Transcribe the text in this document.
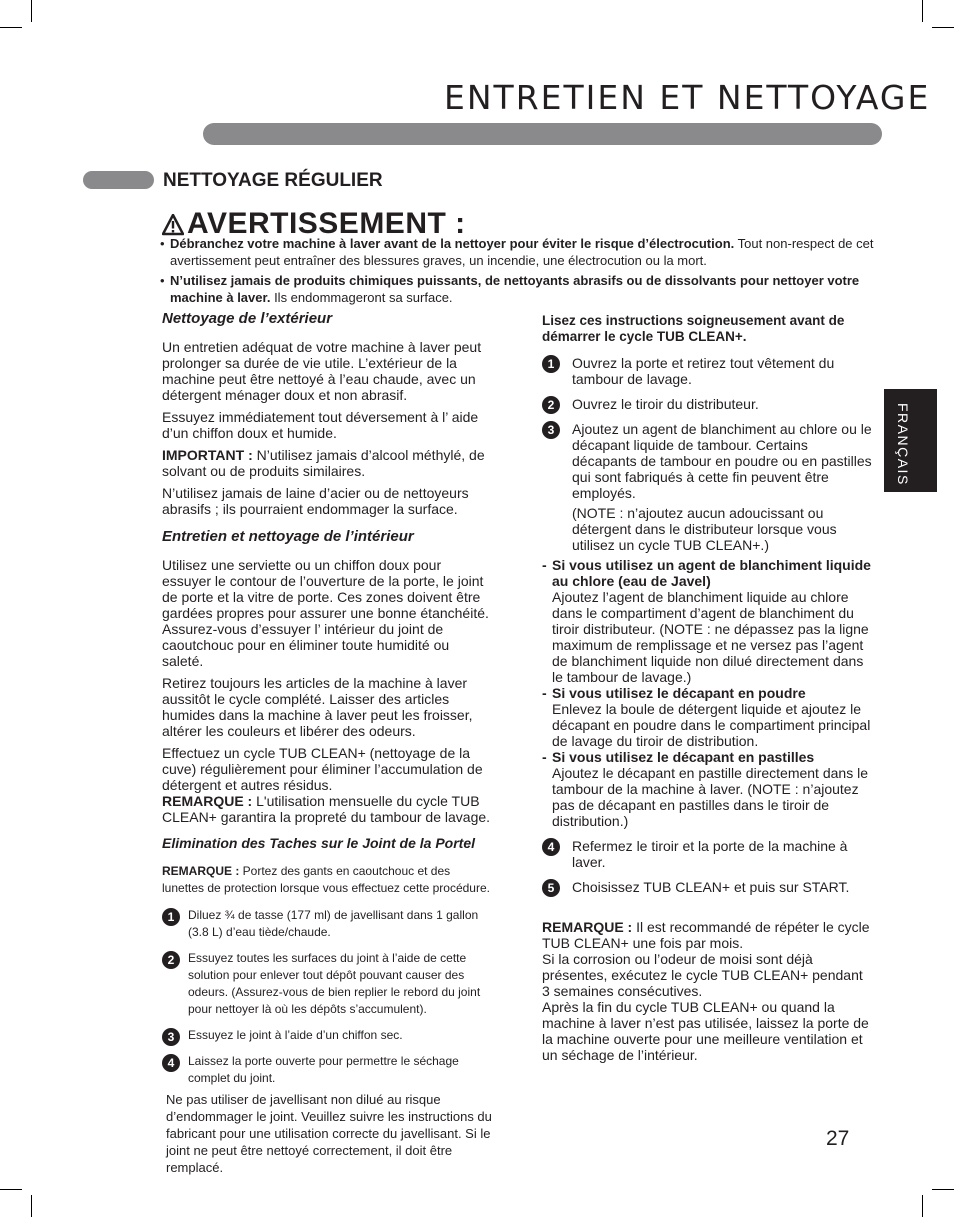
ENTRETIEN ET NETTOYAGE
NETTOYAGE RÉGULIER
AVERTISSEMENT :
• Débranchez votre machine à laver avant de la nettoyer pour éviter le risque d’électrocution. Tout non-respect de cet avertissement peut entraîner des blessures graves, un incendie, une électrocution ou la mort.
• N’utilisez jamais de produits chimiques puissants, de nettoyants abrasifs ou de dissolvants pour nettoyer votre machine à laver. Ils endommageront sa surface.
FRANÇAIS
Nettoyage de l’extérieur

Un entretien adéquat de votre machine à laver peut prolonger sa durée de vie utile. L’extérieur de la machine peut être nettoyé à l’eau chaude, avec un détergent ménager doux et non abrasif.

Essuyez immédiatement tout déversement à l’ aide d’un chiffon doux et humide.

IMPORTANT : N’utilisez jamais d’alcool méthylé, de solvant ou de produits similaires.

N’utilisez jamais de laine d’acier ou de nettoyeurs abrasifs ; ils pourraient endommager la surface.

Entretien et nettoyage de l’intérieur

Utilisez une serviette ou un chiffon doux pour essuyer le contour de l’ouverture de la porte, le joint de porte et la vitre de porte. Ces zones doivent être gardées propres pour assurer une bonne étanchéité. Assurez-vous d’essuyer l’ intérieur du joint de caoutchouc pour en éliminer toute humidité ou saleté.

Retirez toujours les articles de la machine à laver aussitôt le cycle complété. Laisser des articles humides dans la machine à laver peut les froisser, altérer les couleurs et libérer des odeurs.

Effectuez un cycle TUB CLEAN+ (nettoyage de la cuve) régulièrement pour éliminer l’accumulation de détergent et autres résidus.

REMARQUE : L'utilisation mensuelle du cycle TUB CLEAN+ garantira la propreté du tambour de lavage.

Elimination des Taches sur le Joint de la Portel

REMARQUE : Portez des gants en caoutchouc et des lunettes de protection lorsque vous effectuez cette procédure.

1	Diluez ¾ de tasse (177 ml) de javellisant dans 1 gallon (3.8 L) d’eau tiède/chaude.
2	Essuyez toutes les surfaces du joint à l’aide de cette solution pour enlever tout dépôt pouvant causer des odeurs. (Assurez-vous de bien replier le rebord du joint pour nettoyer là où les dépôts s’accumulent).
3	Essuyez le joint à l’aide d’un chiffon sec.
4	Laissez la porte ouverte pour permettre le séchage complet du joint.

Ne pas utiliser de javellisant non dilué au risque d’endommager le joint. Veuillez suivre les instructions du fabricant pour une utilisation correcte du javellisant. Si le joint ne peut être nettoyé correctement, il doit être remplacé.

Lisez ces instructions soigneusement avant de démarrer le cycle TUB CLEAN+.

1	Ouvrez la porte et retirez tout vêtement du tambour de lavage.
2	Ouvrez le tiroir du distributeur.
3	Ajoutez un agent de blanchiment au chlore ou le décapant liquide de tambour. Certains décapants de tambour en poudre ou en pastilles qui sont fabriqués à cette fin peuvent être employés.

(NOTE : n’ajoutez aucun adoucissant ou détergent dans le distributeur lorsque vous utilisez un cycle TUB CLEAN+.)

- Si vous utilisez un agent de blanchiment liquide au chlore (eau de Javel)
Ajoutez l’agent de blanchiment liquide au chlore dans le compartiment d’agent de blanchiment du tiroir distributeur. (NOTE : ne dépassez pas la ligne maximum de remplissage et ne versez pas l’agent de blanchiment liquide non dilué directement dans le tambour de lavage.)
- Si vous utilisez le décapant en poudre
Enlevez la boule de détergent liquide et ajoutez le décapant en poudre dans le compartiment principal de lavage du tiroir de distribution.
- Si vous utilisez le décapant en pastilles
Ajoutez le décapant en pastille directement dans le tambour de la machine à laver. (NOTE : n’ajoutez pas de décapant en pastilles dans le tiroir de distribution.)
4	Refermez le tiroir et la porte de la machine à laver.
5	Choisissez TUB CLEAN+ et puis sur START.

REMARQUE : Il est recommandé de répéter le cycle TUB CLEAN+ une fois par mois.

Si la corrosion ou l’odeur de moisi sont déjà présentes, exécutez le cycle TUB CLEAN+ pendant 3 semaines consécutives.

Après la fin du cycle TUB CLEAN+ ou quand la machine à laver n’est pas utilisée, laissez la porte de la machine ouverte pour une meilleure ventilation et un séchage de l’intérieur.

27
